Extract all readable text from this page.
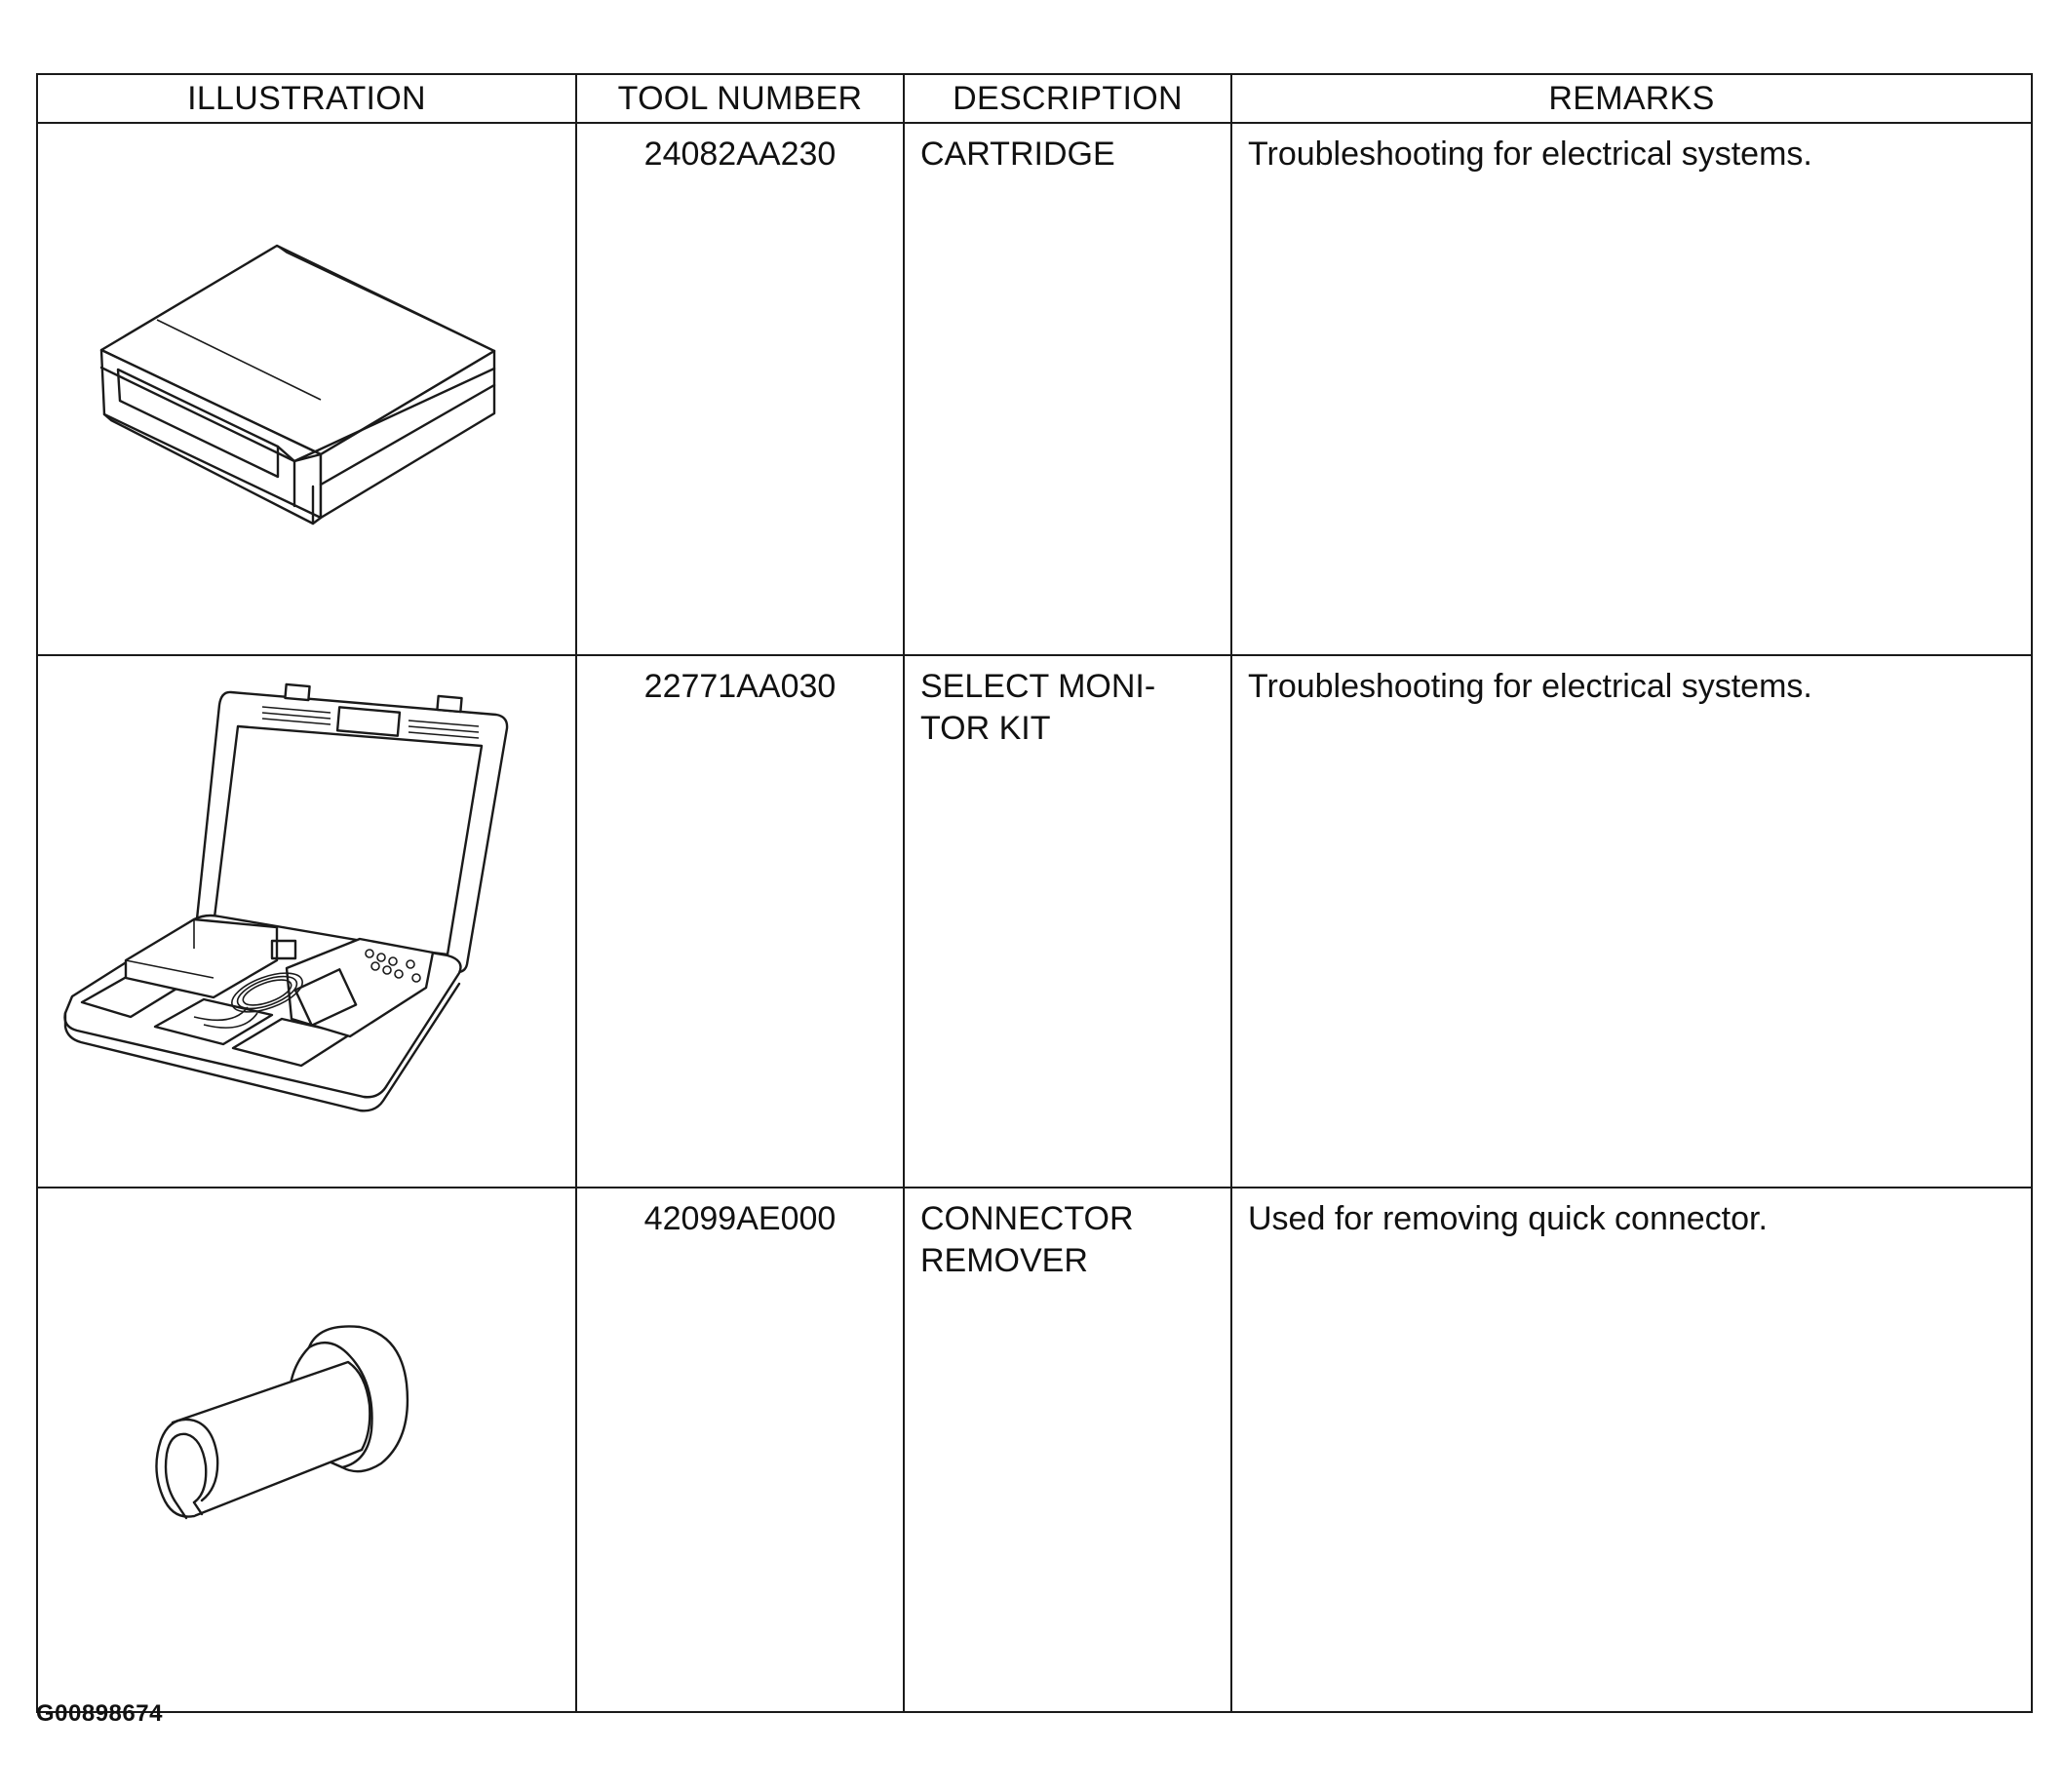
ILLUSTRATION	TOOL NUMBER	DESCRIPTION	REMARKS

	24082AA230	CARTRIDGE	Troubleshooting for electrical systems.

	22771AA030	SELECT MONI-
TOR KIT	Troubleshooting for electrical systems.

	42099AE000	CONNECTOR
REMOVER	Used for removing quick connector.
G00898674
